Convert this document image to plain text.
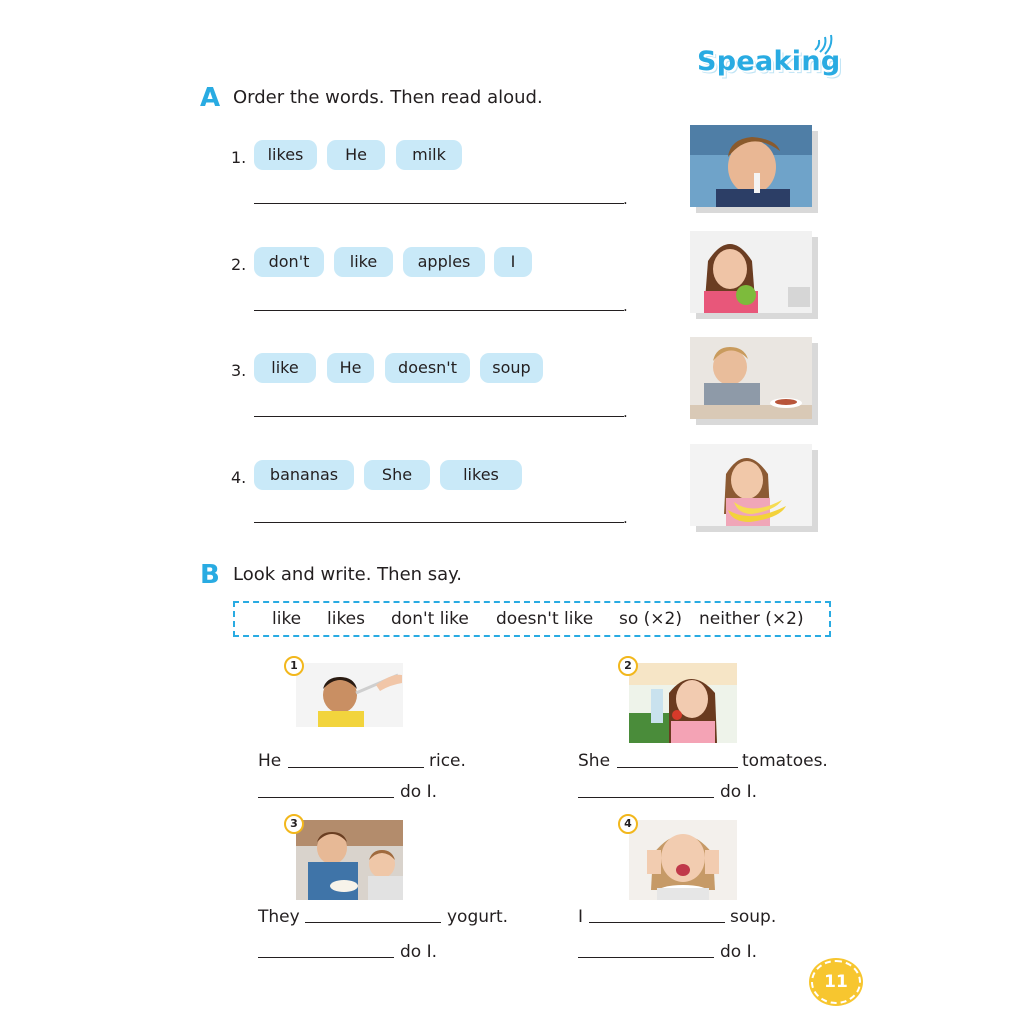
Speaking
A Order the words. Then read aloud.
1.	likes	He	milk
.
2.	don't	like	apples	I
.
3.	like	He	doesn't	soup
.
4.	bananas	She	likes
.
B Look and write. Then say.
like likes don't like doesn't like so (×2) neither (×2)
1
He	rice.
do I.
2
She	tomatoes.
do I.
3
They	yogurt.
do I.
4
I	soup.
do I.
11
